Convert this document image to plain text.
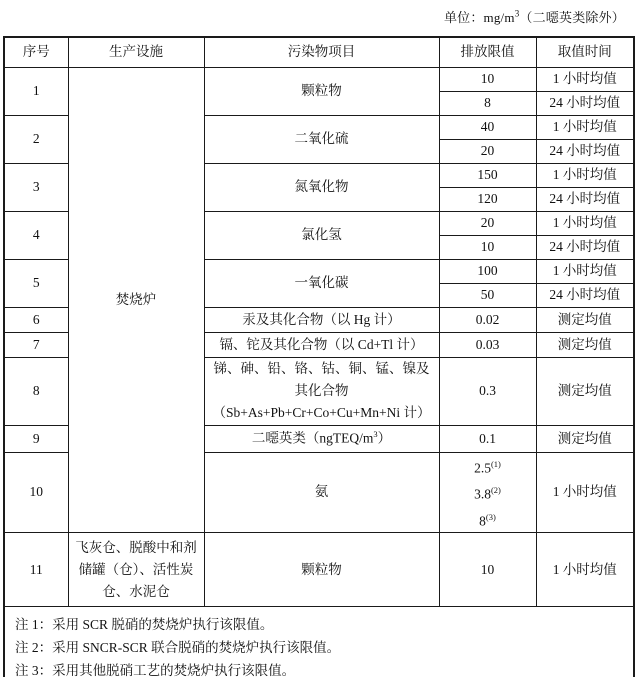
单位：$mg/m^3$（二噁英类除外）
序号	生产设施	污染物项目	排放限值	取值时间
1	焚烧炉	颗粒物	10	1 小时均值
			8	24 小时均值
2		二氧化硫	40	1 小时均值
			20	24 小时均值
3		氮氧化物	150	1 小时均值
			120	24 小时均值
4		氯化氢	20	1 小时均值
			10	24 小时均值
5		一氧化碳	100	1 小时均值
			50	24 小时均值
6		汞及其化合物（以 Hg 计）	0.02	测定均值
7		镉、铊及其化合物（以 Cd+Tl 计）	0.03	测定均值
8		锑、砷、铅、铬、钴、铜、锰、镍及
其化合物
（Sb+As+Pb+Cr+Co+Cu+Mn+Ni 计）	0.3	测定均值
9		二噁英类$(ngTEQ/m^3)$	0.1	测定均值
10		氨	2.5$^{(1)}$
3.8$^{(2)}$
8$^{(3)}$	1 小时均值
11	飞灰仓、脱酸中和剂
储罐（仓）、活性炭
仓、水泥仓	颗粒物	10	1 小时均值

注 1：采用 SCR 脱硝的焚烧炉执行该限值。
注 2：采用 SNCR-SCR 联合脱硝的焚烧炉执行该限值。
注 3：采用其他脱硝工艺的焚烧炉执行该限值。				
